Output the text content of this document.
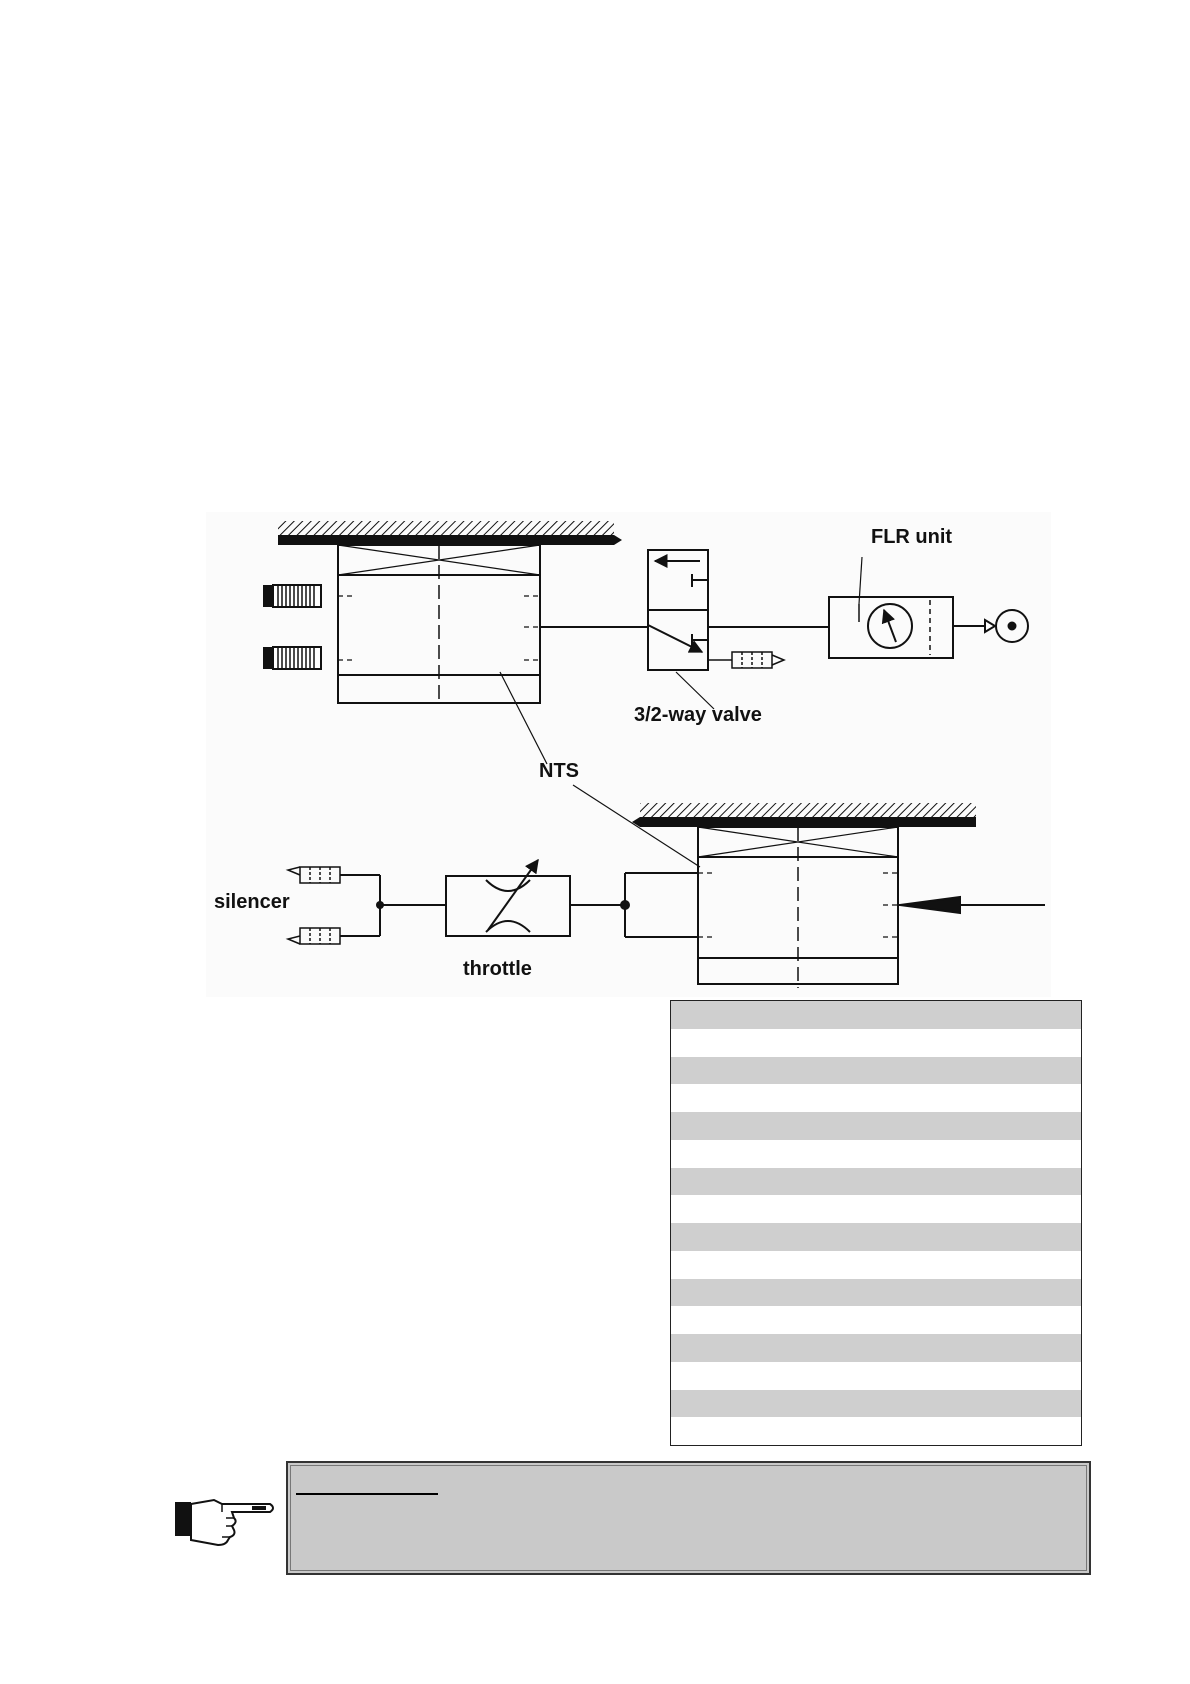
FLR unit
3/2-way valve
NTS
silencer
throttle
